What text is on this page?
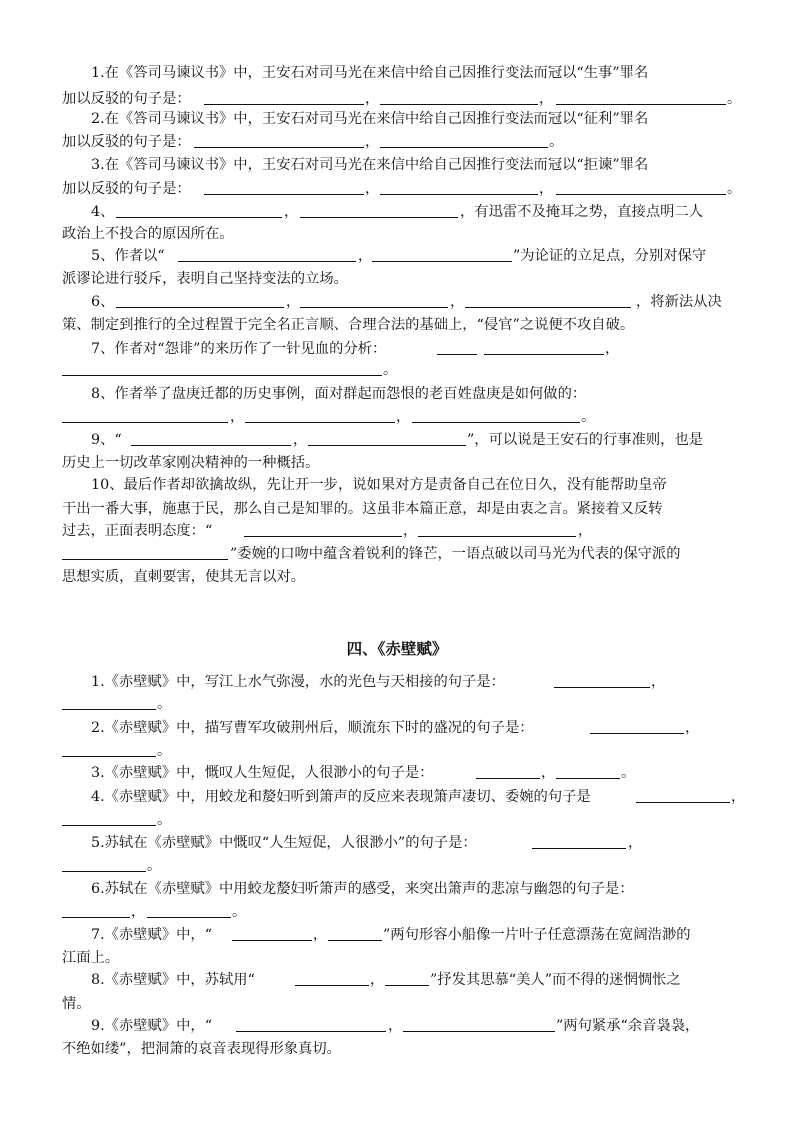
1.在《答司马谏议书》中，王安石对司马光在来信中给自己因推行变法而冠以“生事”罪名
加以反驳的句子是：	，	，	。
2.在《答司马谏议书》中，王安石对司马光在来信中给自己因推行变法而冠以“征利”罪名
加以反驳的句子是：	，	。
3.在《答司马谏议书》中，王安石对司马光在来信中给自己因推行变法而冠以“拒谏”罪名
加以反驳的句子是：	，	，	。
4、	，	，有迅雷不及掩耳之势，直接点明二人
政治上不投合的原因所在。
5、作者以“	，	”为论证的立足点，分别对保守
派谬论进行驳斥，表明自己坚持变法的立场。
6、	，	，	，将新法从决
策、制定到推行的全过程置于完全名正言顺、合理合法的基础上，“侵官”之说便不攻自破。
7、作者对“怨诽”的来历作了一针见血的分析：	，
。
8、作者举了盘庚迁都的历史事例，面对群起而怨恨的老百姓盘庚是如何做的：
，	，	。
9、“	，	”，可以说是王安石的行事准则，也是
历史上一切改革家刚决精神的一种概括。
10、最后作者却欲擒故纵，先让开一步，说如果对方是责备自己在位日久，没有能帮助皇帝
干出一番大事，施惠于民，那么自己是知罪的。这虽非本篇正意，却是由衷之言。紧接着又反转
过去，正面表明态度：“	，	，
”委婉的口吻中蕴含着锐利的锋芒，一语点破以司马光为代表的保守派的
思想实质，直刺要害，使其无言以对。
四、《赤壁赋》
1.《赤壁赋》中，写江上水气弥漫，水的光色与天相接的句子是：	，
。
2.《赤壁赋》中，描写曹军攻破荆州后，顺流东下时的盛况的句子是：	，
。
3.《赤壁赋》中，慨叹人生短促，人很渺小的句子是：	，	。
4.《赤壁赋》中，用蛟龙和嫠妇听到箫声的反应来表现箫声凄切、委婉的句子是	，
。
5.苏轼在《赤壁赋》中慨叹“人生短促，人很渺小”的句子是：	，
。
6.苏轼在《赤壁赋》中用蛟龙嫠妇听箫声的感受，来突出箫声的悲凉与幽怨的句子是：
，	。
7.《赤壁赋》中，“	，	”两句形容小船像一片叶子任意漂荡在宽阔浩渺的
江面上。
8.《赤壁赋》中，苏轼用“	，	”抒发其思慕“美人”而不得的迷惘惆怅之
情。
9.《赤壁赋》中，“	，	”两句紧承“余音袅袅，
不绝如缕”，把洞箫的哀音表现得形象真切。
